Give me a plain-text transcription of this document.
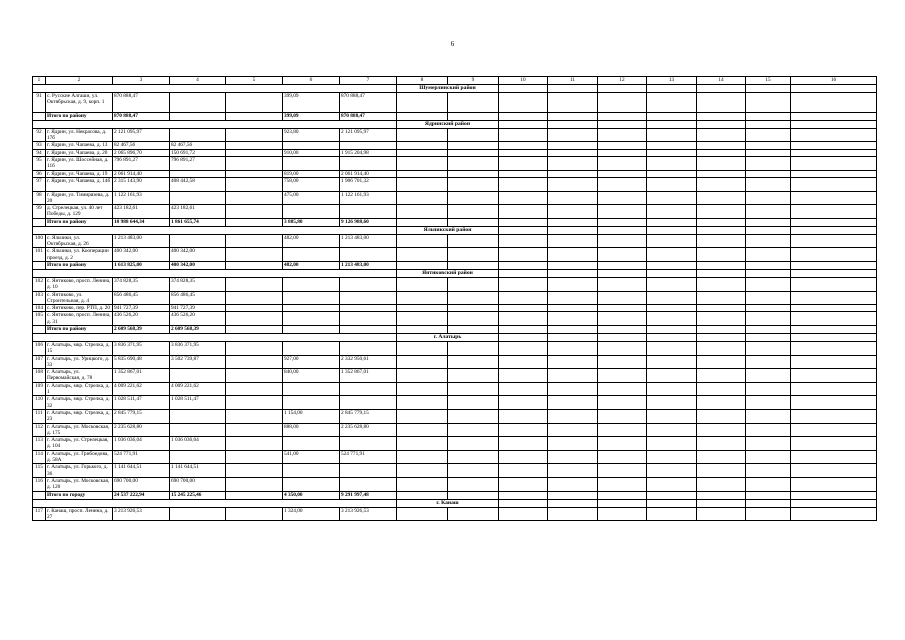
6
1	2	3	4	5	6	7	8	9	10	11	12	13	14	15	16
							Шумерлинский район								
91	с. Русские Алгаши, ул. Октябрьская, д. 9, корп. 1	870 888,47			399,09	870 888,47									
	Итого по району	870 888,47			399,09	870 888,47									
							Ядринский район								
92	г. Ядрин, ул. Некрасова, д. 17б	2 121 095,97			923,80	2 121 095,97									
93	г. Ядрин, ул. Чапаева, д. 13	82 467,56	82 467,56												
94	г. Ядрин, ул. Чапаева, д. 20	2 065 896,70	150 691,72		910,00	1 915 204,98									
95	г. Ядрин, ул. Шоссейная, д. 11б	796 891,27	796 891,27												
96	г. Ядрин, ул. Чапаева, д. 19	2 061 914,40			819,00	2 061 914,40									
97	г. Ядрин, ул. Чапаева, д. 14б	2 315 143,90	408 442,58		758,00	1 906 701,32									
98	г. Ядрин, ул. Тимирязева, д. 20	1 122 161,93			475,00	1 122 161,93									
99	д. Стрелецкая, ул. 40 лет Победы, д. 129	423 182,61	423 182,61												
	Итого по району	10 988 644,34	1 861 655,74		3 885,80	9 126 988,60									
							Яльчикский район								
100	с. Яльчики, ул. Октябрьская, д. 26	1 213 483,00			482,00	1 213 483,00									
101	с. Яльчики, ул. Кооперации проезд, д. 2	400 342,00	400 342,00												
	Итого по району	1 613 825,00	400 342,00		482,00	1 213 483,00									
							Янтиковский район								
102	с. Янтиково, просп. Ленина, д. 10	374 828,35	374 828,35												
103	с. Янтиково, ул. Строительная, д. 4	856 486,45	856 486,45												
104	с. Янтиково, пер. РТП, д. 20	941 727,39	941 727,39												
105	с. Янтиково, просп. Ленина, д. 31	436 526,20	436 526,20												
	Итого по району	2 609 568,39	2 609 568,39												
							г. Алатырь								
106	г. Алатырь, мкр. Стрелка, д. 15	3 836 371,95	3 836 371,95												
107	г. Алатырь, ул. Урицкого, д. 33	5 835 690,48	3 502 739,87		927,00	2 332 950,61									
108	г. Алатырь, ул. Первомайская, д. 78	1 352 867,01			840,00	1 352 867,01									
109	г. Алатырь, мкр. Стрелка, д. 1	4 009 221,62	4 009 221,62												
110	г. Алатырь, мкр. Стрелка, д. 32	1 028 511,47	1 028 511,47												
111	г. Алатырь, мкр. Стрелка, д. 23	2 845 779,15			1 154,00	2 845 779,15									
112	г. Алатырь, ул. Московская, д. 175	2 235 628,80			888,00	2 235 628,80									
113	г. Алатырь, ул. Стрелецкая, д. 104	1 036 036,04	1 036 036,04												
114	г. Алатырь, ул. Грибоедова, д. 58А	524 771,91			541,00	524 771,91									
115	г. Алатырь, ул. Горького, д. 36	1 141 644,51	1 141 644,51												
116	г. Алатырь, ул. Московская, д. 120	690 700,00	690 700,00												
	Итого по городу	24 537 222,94	15 245 225,46		4 350,00	9 291 997,48									
							г. Канаш								
117	г. Канаш, просп. Ленина, д. 27	3 213 926,53			1 324,00	3 213 926,53									
